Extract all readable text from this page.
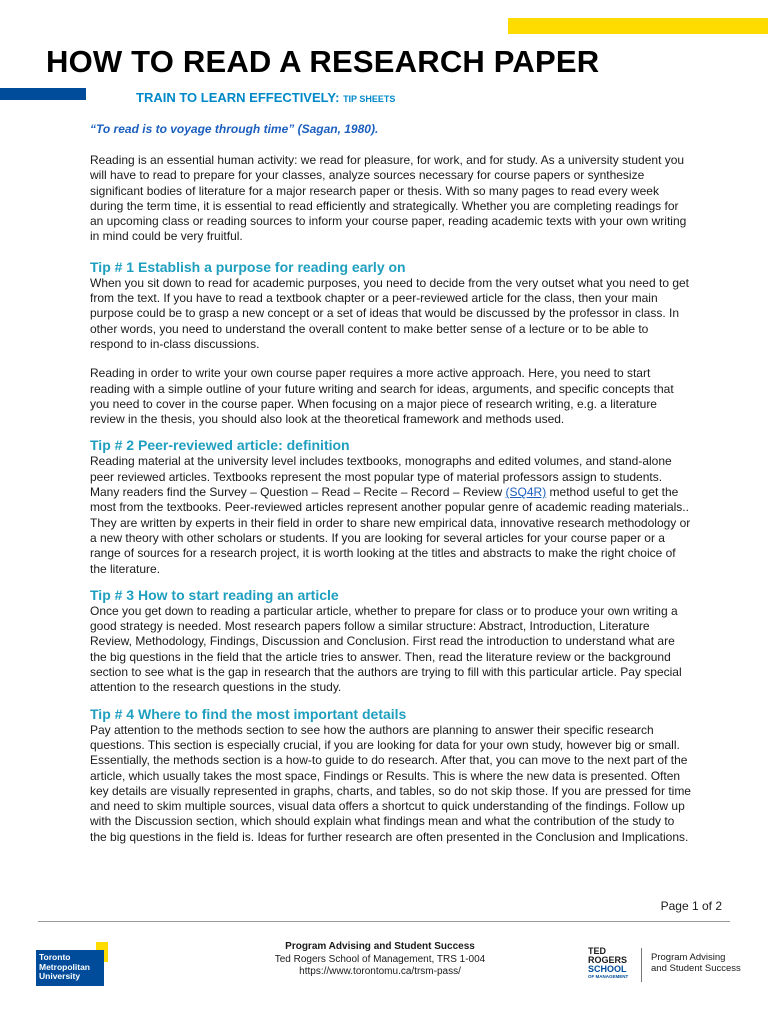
HOW TO READ A RESEARCH PAPER
TRAIN TO LEARN EFFECTIVELY: TIP SHEETS

“To read is to voyage through time” (Sagan, 1980).

Reading is an essential human activity: we read for pleasure, for work, and for study. As a university student you will have to read to prepare for your classes, analyze sources necessary for course papers or synthesize significant bodies of literature for a major research paper or thesis. With so many pages to read every week during the term time, it is essential to read efficiently and strategically. Whether you are completing readings for an upcoming class or reading sources to inform your course paper, reading academic texts with your own writing in mind could be very fruitful.

Tip # 1 Establish a purpose for reading early on

When you sit down to read for academic purposes, you need to decide from the very outset what you need to get from the text. If you have to read a textbook chapter or a peer-reviewed article for the class, then your main purpose could be to grasp a new concept or a set of ideas that would be discussed by the professor in class. In other words, you need to understand the overall content to make better sense of a lecture or to be able to respond to in-class discussions.

Reading in order to write your own course paper requires a more active approach. Here, you need to start reading with a simple outline of your future writing and search for ideas, arguments, and specific concepts that you need to cover in the course paper. When focusing on a major piece of research writing, e.g. a literature review in the thesis, you should also look at the theoretical framework and methods used.

Tip # 2 Peer-reviewed article: definition

Reading material at the university level includes textbooks, monographs and edited volumes, and stand-alone peer reviewed articles. Textbooks represent the most popular type of material professors assign to students. Many readers find the Survey – Question – Read – Recite – Record – Review (SQ4R) method useful to get the most from the textbooks. Peer-reviewed articles represent another popular genre of academic reading materials.. They are written by experts in their field in order to share new empirical data, innovative research methodology or a new theory with other scholars or students. If you are looking for several articles for your course paper or a range of sources for a research project, it is worth looking at the titles and abstracts to make the right choice of the literature.

Tip # 3 How to start reading an article

Once you get down to reading a particular article, whether to prepare for class or to produce your own writing a good strategy is needed. Most research papers follow a similar structure: Abstract, Introduction, Literature Review, Methodology, Findings, Discussion and Conclusion. First read the introduction to understand what are the big questions in the field that the article tries to answer. Then, read the literature review or the background section to see what is the gap in research that the authors are trying to fill with this particular article. Pay special attention to the research questions in the study.

Tip # 4 Where to find the most important details

Pay attention to the methods section to see how the authors are planning to answer their specific research questions. This section is especially crucial, if you are looking for data for your own study, however big or small. Essentially, the methods section is a how-to guide to do research. After that, you can move to the next part of the article, which usually takes the most space, Findings or Results. This is where the new data is presented. Often key details are visually represented in graphs, charts, and tables, so do not skip those. If you are pressed for time and need to skim multiple sources, visual data offers a shortcut to quick understanding of the findings. Follow up with the Discussion section, which should explain what findings mean and what the contribution of the study to the big questions in the field is. Ideas for further research are often presented in the Conclusion and Implications.

Page 1 of 2
Toronto
Metropolitan
University
Program Advising and Student Success
Ted Rogers School of Management, TRS 1-004
https://www.torontomu.ca/trsm-pass/
TED
ROGERS
SCHOOL
OF MANAGEMENT
Program Advising
and Student Success
